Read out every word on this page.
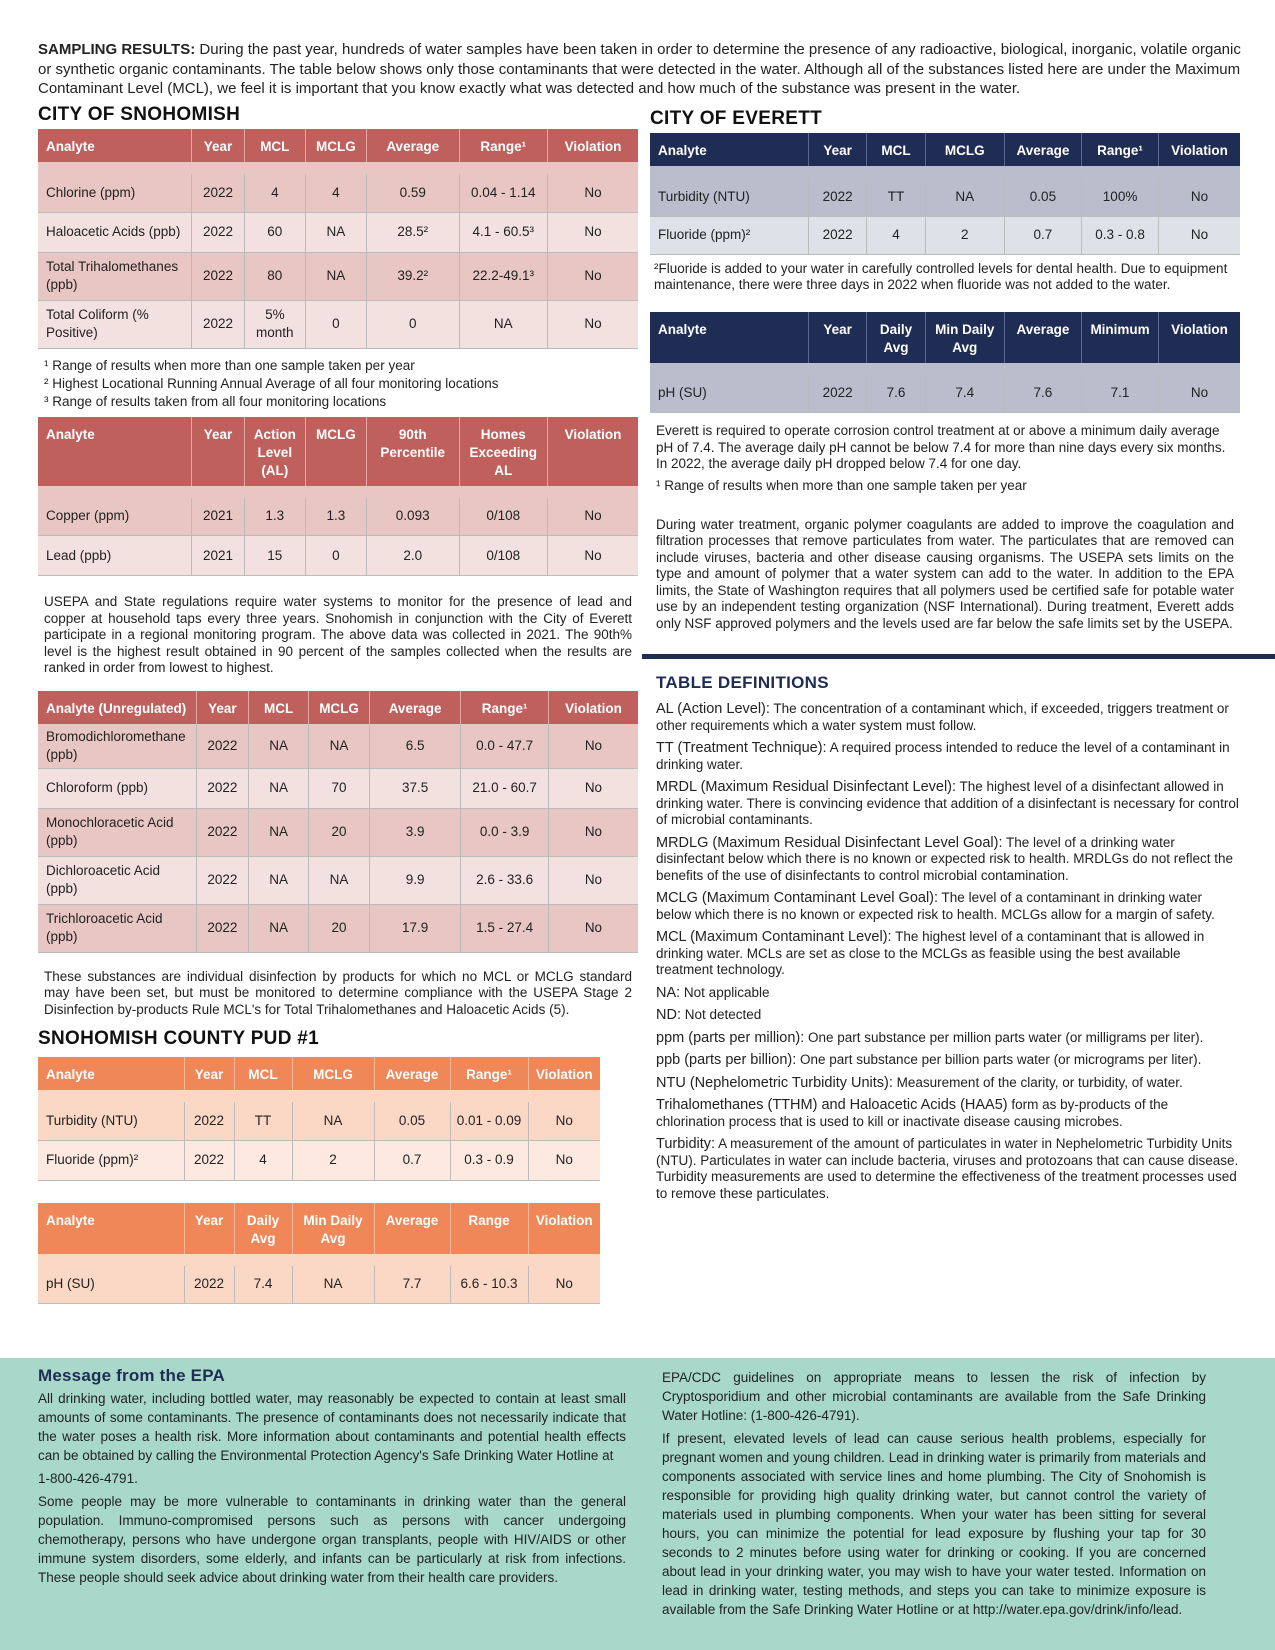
SAMPLING RESULTS: During the past year, hundreds of water samples have been taken in order to determine the presence of any radioactive, biological, inorganic, volatile organic or synthetic organic contaminants. The table below shows only those contaminants that were detected in the water. Although all of the substances listed here are under the Maximum Contaminant Level (MCL), we feel it is important that you know exactly what was detected and how much of the substance was present in the water.
CITY OF SNOHOMISH
Analyte	Year	MCL	MCLG	Average	Range¹	Violation

Chlorine (ppm)	2022	4	4	0.59	0.04 - 1.14	No
Haloacetic Acids (ppb)	2022	60	NA	28.5²	4.1 - 60.5³	No
Total Trihalomethanes (ppb)	2022	80	NA	39.2²	22.2-49.1³	No
Total Coliform (% Positive)	2022	5% month	0	0	NA	No
¹ Range of results when more than one sample taken per year
² Highest Locational Running Annual Average of all four monitoring locations
³ Range of results taken from all four monitoring locations
Analyte	Year	Action Level (AL)	MCLG	90th Percentile	Homes Exceeding AL	Violation

Copper (ppm)	2021	1.3	1.3	0.093	0/108	No
Lead (ppb)	2021	15	0	2.0	0/108	No

USEPA and State regulations require water systems to monitor for the presence of lead and copper at household taps every three years. Snohomish in conjunction with the City of Everett participate in a regional monitoring program. The above data was collected in 2021. The 90th% level is the highest result obtained in 90 percent of the samples collected when the results are ranked in order from lowest to highest.

Analyte (Unregulated)	Year	MCL	MCLG	Average	Range¹	Violation
Bromodichloromethane (ppb)	2022	NA	NA	6.5	0.0 - 47.7	No
Chloroform (ppb)	2022	NA	70	37.5	21.0 - 60.7	No
Monochloracetic Acid (ppb)	2022	NA	20	3.9	0.0 - 3.9	No
Dichloroacetic Acid (ppb)	2022	NA	NA	9.9	2.6 - 33.6	No
Trichloroacetic Acid (ppb)	2022	NA	20	17.9	1.5 - 27.4	No

These substances are individual disinfection by products for which no MCL or MCLG standard may have been set, but must be monitored to determine compliance with the USEPA Stage 2 Disinfection by-products Rule MCL's for Total Trihalomethanes and Haloacetic Acids (5).

SNOHOMISH COUNTY PUD #1
Analyte	Year	MCL	MCLG	Average	Range¹	Violation

Turbidity (NTU)	2022	TT	NA	0.05	0.01 - 0.09	No
Fluoride (ppm)²	2022	4	2	0.7	0.3 - 0.9	No
Analyte	Year	Daily Avg	Min Daily Avg	Average	Range	Violation

pH (SU)	2022	7.4	NA	7.7	6.6 - 10.3	No
CITY OF EVERETT
Analyte	Year	MCL	MCLG	Average	Range¹	Violation

Turbidity (NTU)	2022	TT	NA	0.05	100%	No
Fluoride (ppm)²	2022	4	2	0.7	0.3 - 0.8	No

²Fluoride is added to your water in carefully controlled levels for dental health. Due to equipment maintenance, there were three days in 2022 when fluoride was not added to the water.

Analyte	Year	Daily Avg	Min Daily Avg	Average	Minimum	Violation

pH (SU)	2022	7.6	7.4	7.6	7.1	No

Everett is required to operate corrosion control treatment at or above a minimum daily average pH of 7.4. The average daily pH cannot be below 7.4 for more than nine days every six months. In 2022, the average daily pH dropped below 7.4 for one day.

¹ Range of results when more than one sample taken per year

During water treatment, organic polymer coagulants are added to improve the coagulation and filtration processes that remove particulates from water. The particulates that are removed can include viruses, bacteria and other disease causing organisms. The USEPA sets limits on the type and amount of polymer that a water system can add to the water. In addition to the EPA limits, the State of Washington requires that all polymers used be certified safe for potable water use by an independent testing organization (NSF International). During treatment, Everett adds only NSF approved polymers and the levels used are far below the safe limits set by the USEPA.

TABLE DEFINITIONS

AL (Action Level): The concentration of a contaminant which, if exceeded, triggers treatment or other requirements which a water system must follow.

TT (Treatment Technique): A required process intended to reduce the level of a contaminant in drinking water.

MRDL (Maximum Residual Disinfectant Level): The highest level of a disinfectant allowed in drinking water. There is convincing evidence that addition of a disinfectant is necessary for control of microbial contaminants.

MRDLG (Maximum Residual Disinfectant Level Goal): The level of a drinking water disinfectant below which there is no known or expected risk to health. MRDLGs do not reflect the benefits of the use of disinfectants to control microbial contamination.

MCLG (Maximum Contaminant Level Goal): The level of a contaminant in drinking water below which there is no known or expected risk to health. MCLGs allow for a margin of safety.

MCL (Maximum Contaminant Level): The highest level of a contaminant that is allowed in drinking water. MCLs are set as close to the MCLGs as feasible using the best available treatment technology.

NA: Not applicable

ND: Not detected

ppm (parts per million): One part substance per million parts water (or milligrams per liter).

ppb (parts per billion): One part substance per billion parts water (or micrograms per liter).

NTU (Nephelometric Turbidity Units): Measurement of the clarity, or turbidity, of water.

Trihalomethanes (TTHM) and Haloacetic Acids (HAA5) form as by-products of the chlorination process that is used to kill or inactivate disease causing microbes.

Turbidity: A measurement of the amount of particulates in water in Nephelometric Turbidity Units (NTU). Particulates in water can include bacteria, viruses and protozoans that can cause disease. Turbidity measurements are used to determine the effectiveness of the treatment processes used to remove these particulates.

Message from the EPA

All drinking water, including bottled water, may reasonably be expected to contain at least small amounts of some contaminants. The presence of contaminants does not necessarily indicate that the water poses a health risk. More information about contaminants and potential health effects can be obtained by calling the Environmental Protection Agency's Safe Drinking Water Hotline at

1-800-426-4791.

Some people may be more vulnerable to contaminants in drinking water than the general population. Immuno-compromised persons such as persons with cancer undergoing chemotherapy, persons who have undergone organ transplants, people with HIV/AIDS or other immune system disorders, some elderly, and infants can be particularly at risk from infections. These people should seek advice about drinking water from their health care providers.

EPA/CDC guidelines on appropriate means to lessen the risk of infection by Cryptosporidium and other microbial contaminants are available from the Safe Drinking Water Hotline: (1-800-426-4791).

If present, elevated levels of lead can cause serious health problems, especially for pregnant women and young children. Lead in drinking water is primarily from materials and components associated with service lines and home plumbing. The City of Snohomish is responsible for providing high quality drinking water, but cannot control the variety of materials used in plumbing components. When your water has been sitting for several hours, you can minimize the potential for lead exposure by flushing your tap for 30 seconds to 2 minutes before using water for drinking or cooking. If you are concerned about lead in your drinking water, you may wish to have your water tested. Information on lead in drinking water, testing methods, and steps you can take to minimize exposure is available from the Safe Drinking Water Hotline or at http://water.epa.gov/drink/info/lead.
